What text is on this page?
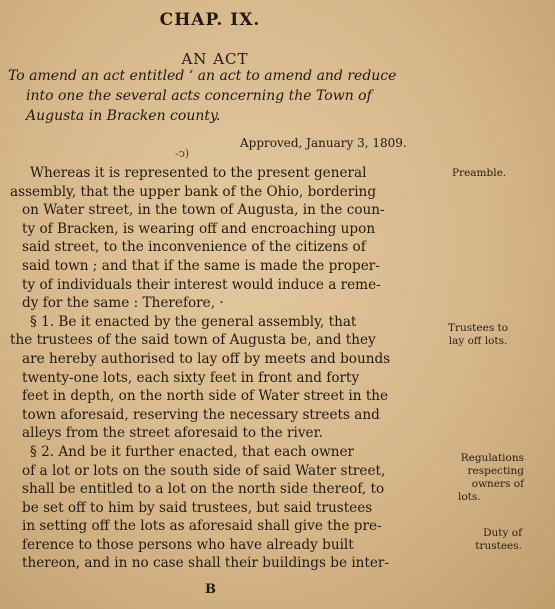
CHAP. IX.
AN ACT
To amend an act entitled ‘ an act to amend and reduce
into one the several acts concerning the Town of
Augusta in Bracken county.
Approved, January 3, 1809.
-ↄ)
Whereas it is represented to the present general
assembly, that the upper bank of the Ohio, bordering
on Water street, in the town of Augusta, in the coun-
ty of Bracken, is wearing off and encroaching upon
said street, to the inconvenience of the citizens of
said town ; and that if the same is made the proper-
ty of individuals their interest would induce a reme-
dy for the same : Therefore, ·
§ 1. Be it enacted by the general assembly, that
the trustees of the said town of Augusta be, and they
are hereby authorised to lay off by meets and bounds
twenty-one lots, each sixty feet in front and forty
feet in depth, on the north side of Water street in the
town aforesaid, reserving the necessary streets and
alleys from the street aforesaid to the river.
§ 2. And be it further enacted, that each owner
of a lot or lots on the south side of said Water street,
shall be entitled to a lot on the north side thereof, to
be set off to him by said trustees, but said trustees
in setting off the lots as aforesaid shall give the pre-
ference to those persons who have already built
thereon, and in no case shall their buildings be inter-
Preamble.
Trustees to
lay off lots.
Regulations
respecting
owners of
lots.
Duty of
trustees.
B
